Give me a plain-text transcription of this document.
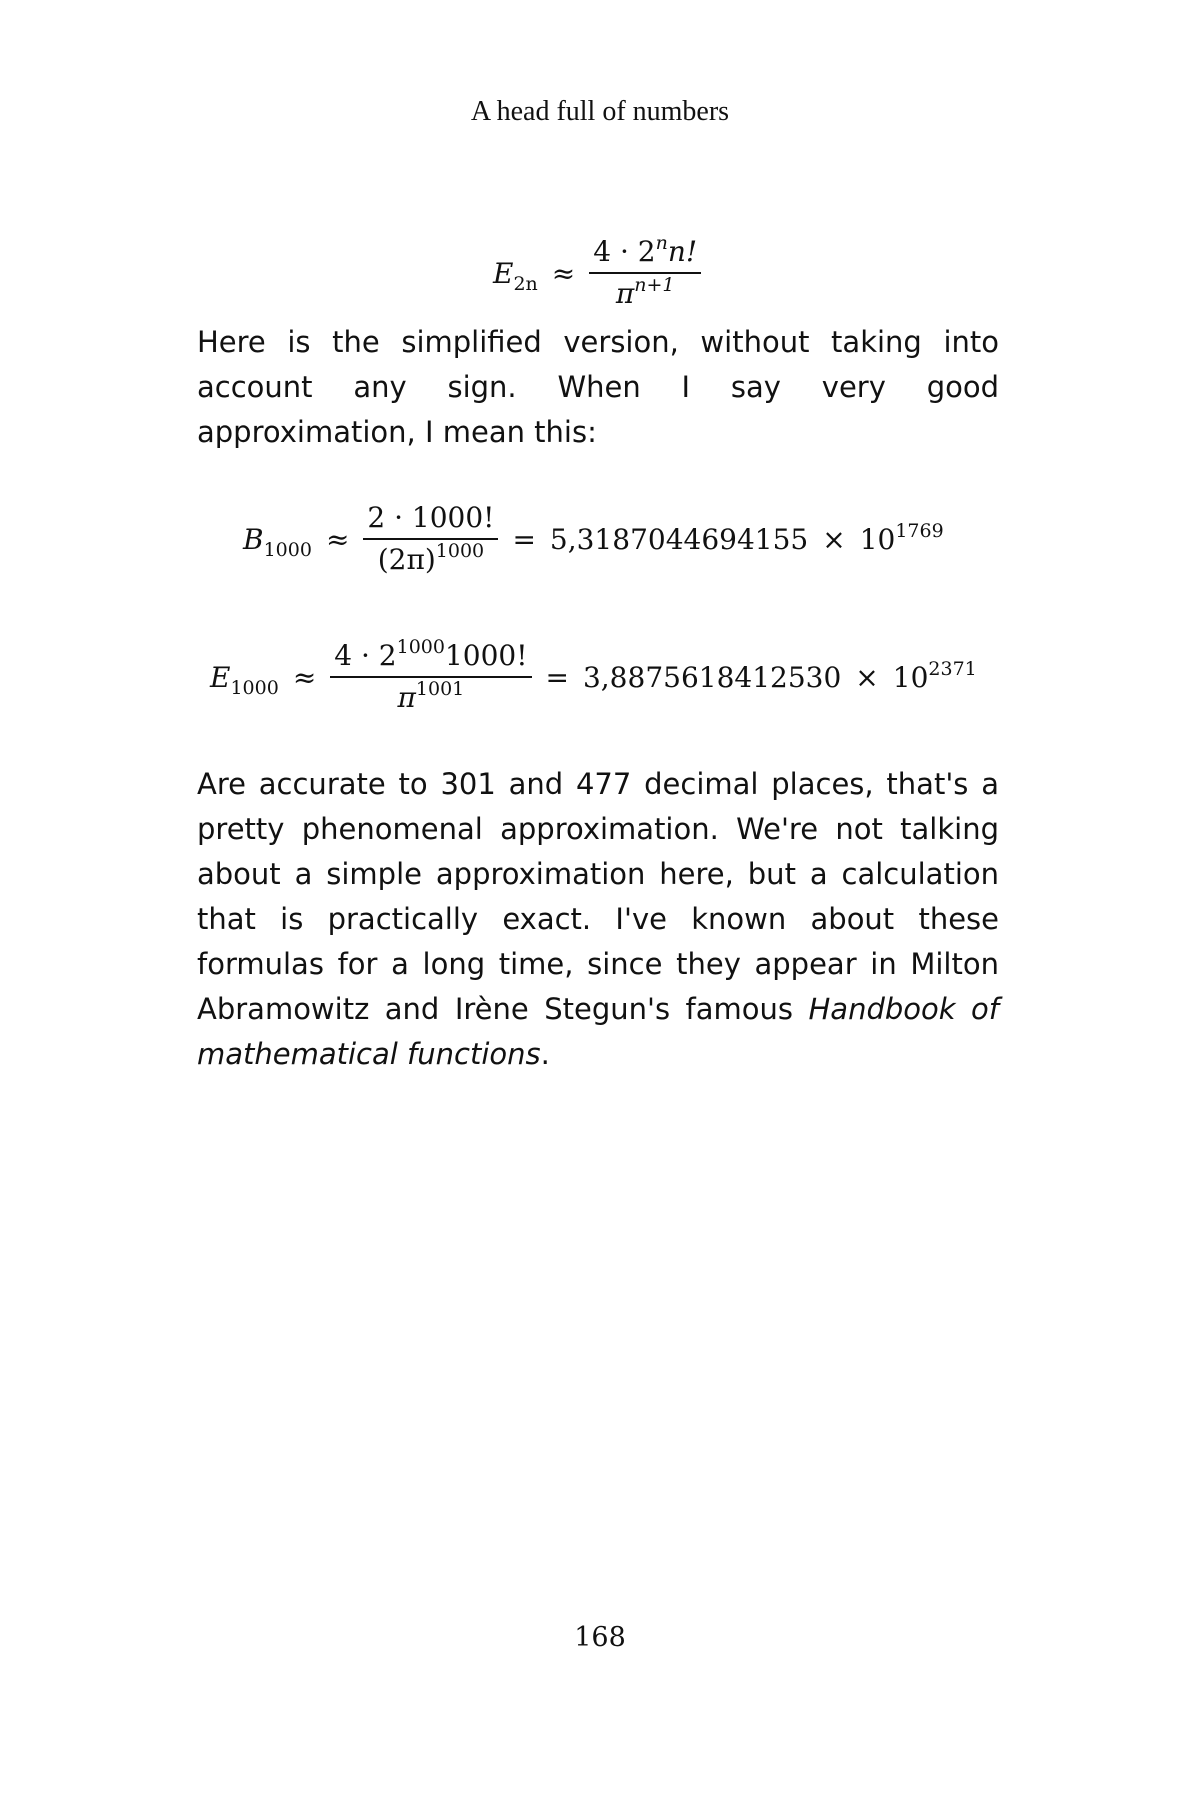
A head full of numbers
$E_{2n} \approx \frac{4 \cdot 2^nn!}{\pi^{n+1}}$

Here is the simplified version, without taking into account any sign. When I say very good approximation, I mean this:

$B_{1000} \approx \frac{2 \cdot 1000!}{(2\pi)^{1000}} = 5,3187044694155 \times 10^{1769}$
$E_{1000} \approx \frac{4 \cdot 2^{1000}1000!}{\pi^{1001}} = 3,8875618412530 \times 10^{2371}$

Are accurate to 301 and 477 decimal places, that's a pretty phenomenal approximation. We're not talking about a simple approximation here, but a calculation that is practically exact. I've known about these formulas for a long time, since they appear in Milton Abramowitz and Irène Stegun's famous Handbook of mathematical functions.

168
